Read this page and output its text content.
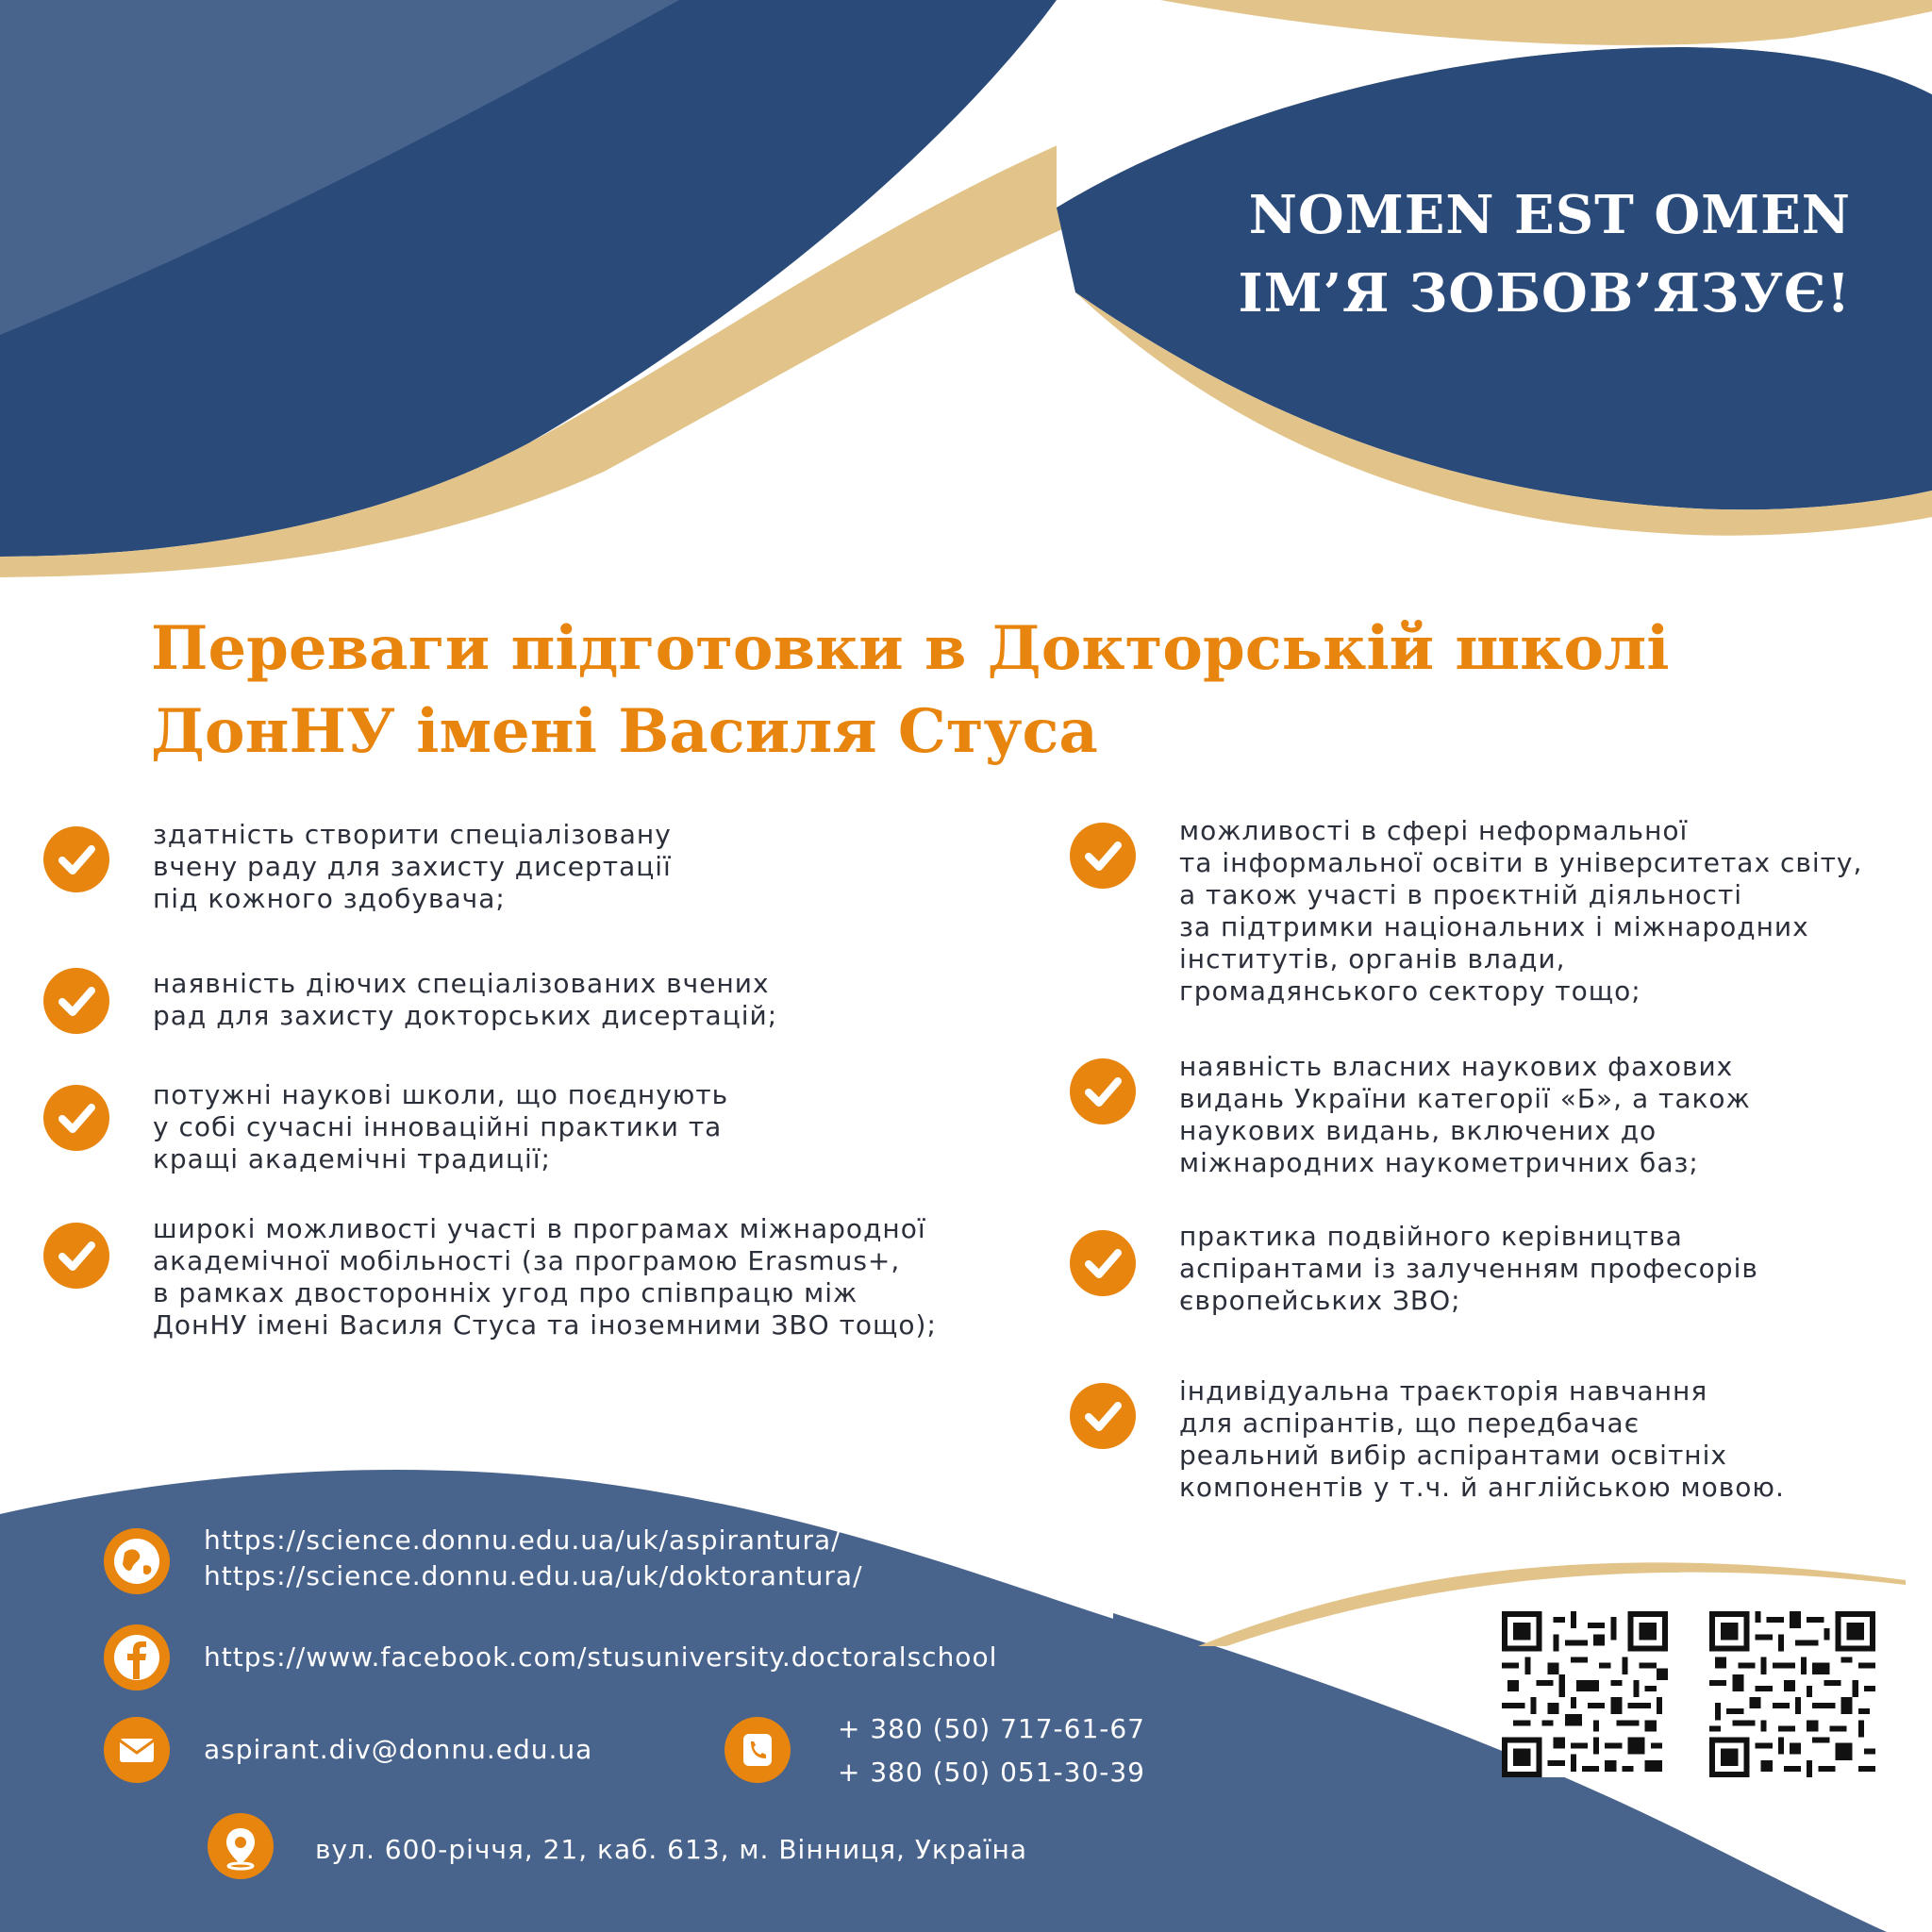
NOMEN EST OMEN
ІМ’Я ЗОБОВ’ЯЗУЄ!
Переваги підготовки в Докторській школі
ДонНУ імені Василя Стуса
здатність створити спеціалізовану
вчену раду для захисту дисертації
під кожного здобувача;
наявність діючих спеціалізованих вчених
рад для захисту докторських дисертацій;
потужні наукові школи, що поєднують
у собі сучасні інноваційні практики та
кращі академічні традиції;
широкі можливості участі в програмах міжнародної
академічної мобільності (за програмою Erasmus+,
в рамках двосторонніх угод про співпрацю між
ДонНУ імені Василя Стуса та іноземними ЗВО тощо);
можливості в сфері неформальної
та інформальної освіти в університетах світу,
а також участі в проєктній діяльності
за підтримки національних і міжнародних
інститутів, органів влади,
громадянського сектору тощо;
наявність власних наукових фахових
видань України категорії «Б», а також
наукових видань, включених до
міжнародних наукометричних баз;
практика подвійного керівництва
аспірантами із залученням професорів
європейських ЗВО;
індивідуальна траєкторія навчання
для аспірантів, що передбачає
реальний вибір аспірантами освітніх
компонентів у т.ч. й англійською мовою.
https://science.donnu.edu.ua/uk/aspirantura/
https://science.donnu.edu.ua/uk/doktorantura/
https://www.facebook.com/stusuniversity.doctoralschool
aspirant.div@donnu.edu.ua
+ 380 (50) 717-61-67
+ 380 (50) 051-30-39
вул. 600-річчя, 21, каб. 613, м. Вінниця, Україна
